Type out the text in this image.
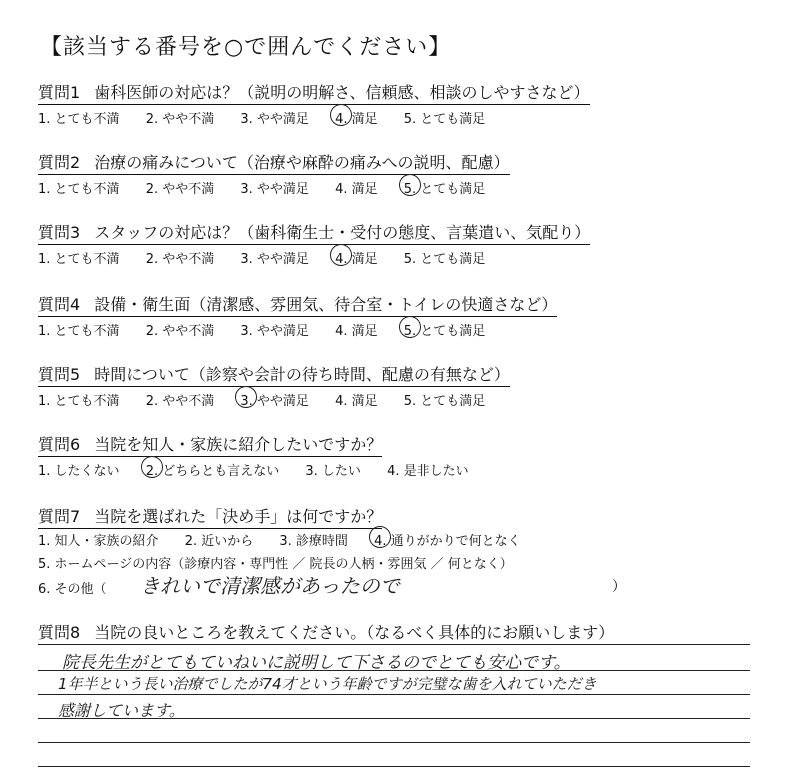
【該当する番号を○で囲んでください】
質問1 歯科医師の対応は？（説明の明解さ、信頼感、相談のしやすさなど）
1. とても不満 2. やや不満 3. やや満足 4. 満足 5. とても満足
質問2 治療の痛みについて（治療や麻酔の痛みへの説明、配慮）
1. とても不満 2. やや不満 3. やや満足 4. 満足 5. とても満足
質問3 スタッフの対応は？（歯科衛生士・受付の態度、言葉遣い、気配り）
1. とても不満 2. やや不満 3. やや満足 4. 満足 5. とても満足
質問4 設備・衛生面（清潔感、雰囲気、待合室・トイレの快適さなど）
1. とても不満 2. やや不満 3. やや満足 4. 満足 5. とても満足
質問5 時間について（診察や会計の待ち時間、配慮の有無など）
1. とても不満 2. やや不満 3. やや満足 4. 満足 5. とても満足
質問6 当院を知人・家族に紹介したいですか？
1. したくない 2. どちらとも言えない 3. したい 4. 是非したい
質問7 当院を選ばれた「決め手」は何ですか？
1. 知人・家族の紹介 2. 近いから 3. 診療時間 4. 通りがかりで何となく
5. ホームページの内容（診療内容・専門性 ／ 院長の人柄・雰囲気 ／ 何となく）
6. その他（ きれいで清潔感があったので	）
質問8 当院の良いところを教えてください。（なるべく具体的にお願いします）
院長先生がとてもていねいに説明して下さるのでとても安心です。
1年半という長い治療でしたが74才という年齢ですが完璧な歯を入れていただき
感謝しています。
